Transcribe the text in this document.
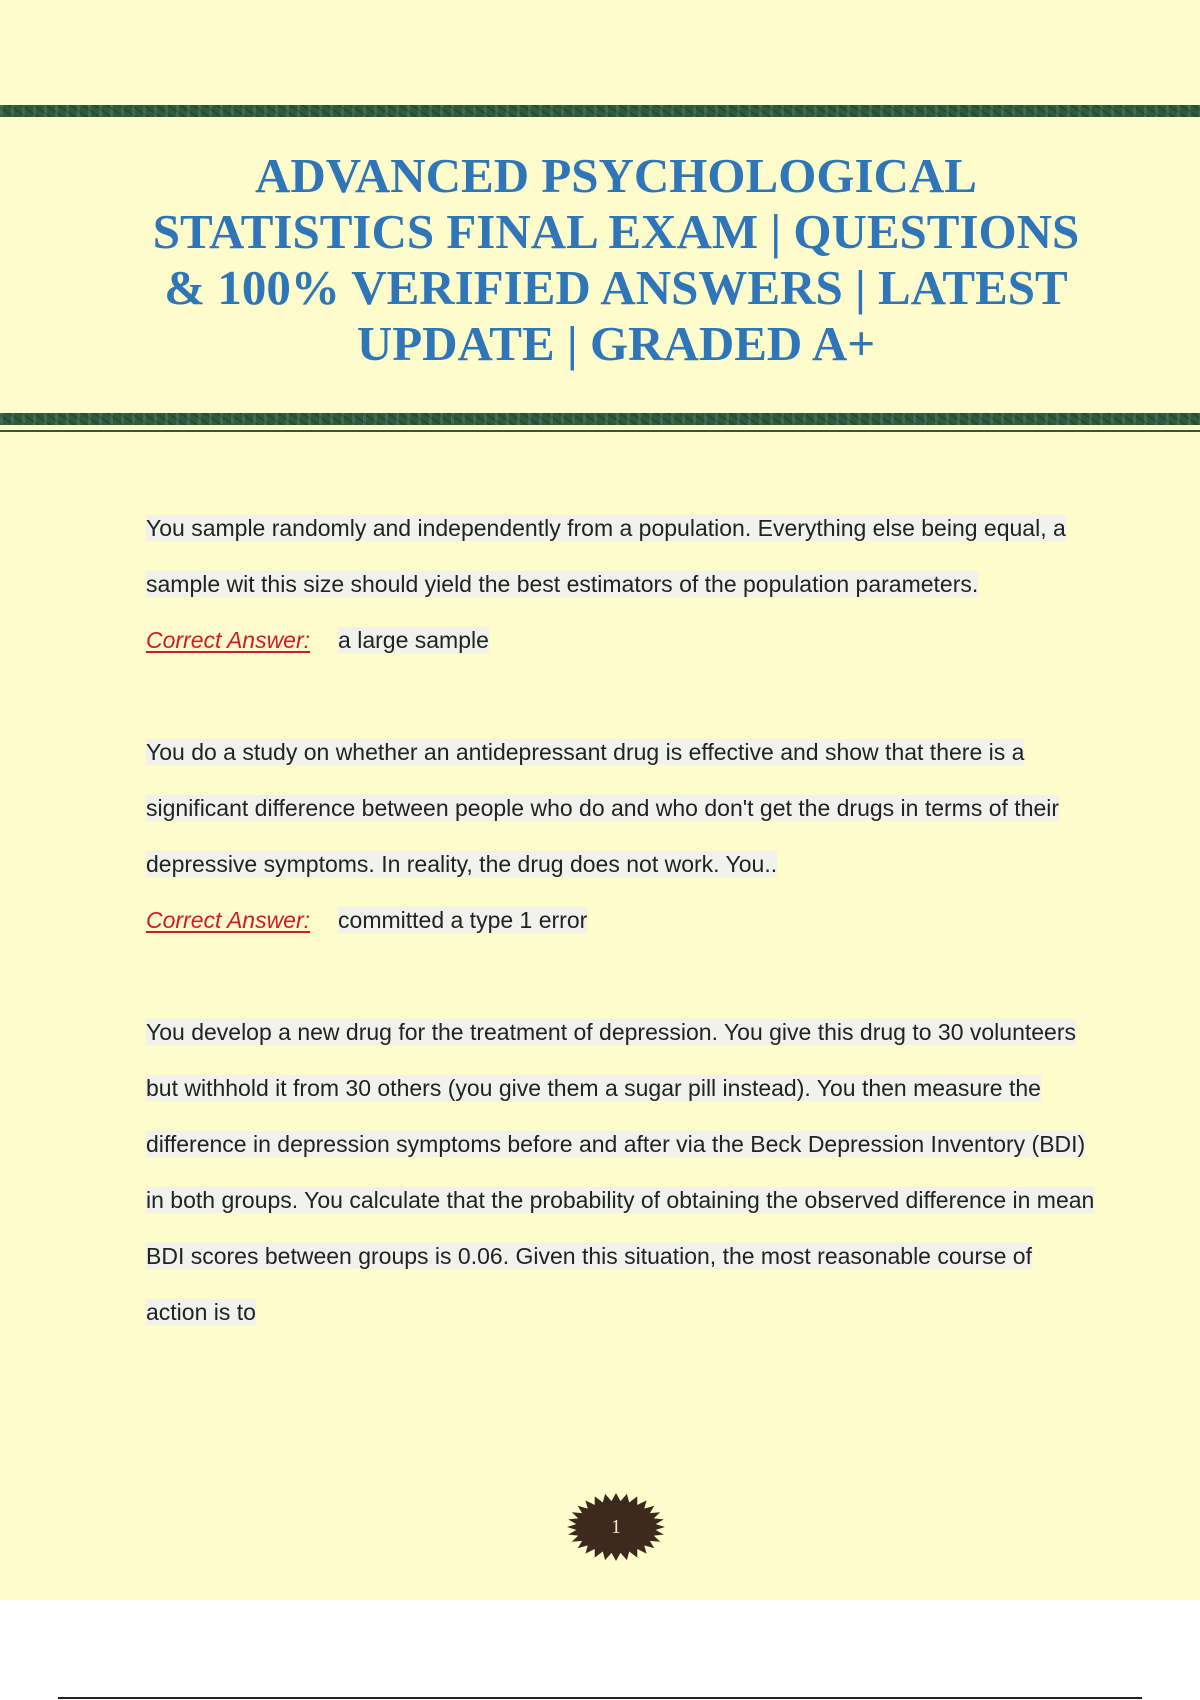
ADVANCED PSYCHOLOGICAL STATISTICS FINAL EXAM | QUESTIONS & 100% VERIFIED ANSWERS | LATEST UPDATE | GRADED A+

You sample randomly and independently from a population. Everything else being equal, a sample wit this size should yield the best estimators of the population parameters.

Correct Answer: a large sample

You do a study on whether an antidepressant drug is effective and show that there is a significant difference between people who do and who don't get the drugs in terms of their depressive symptoms. In reality, the drug does not work. You..

Correct Answer: committed a type 1 error

You develop a new drug for the treatment of depression. You give this drug to 30 volunteers but withhold it from 30 others (you give them a sugar pill instead). You then measure the difference in depression symptoms before and after via the Beck Depression Inventory (BDI) in both groups. You calculate that the probability of obtaining the observed difference in mean BDI scores between groups is 0.06. Given this situation, the most reasonable course of action is to

1
